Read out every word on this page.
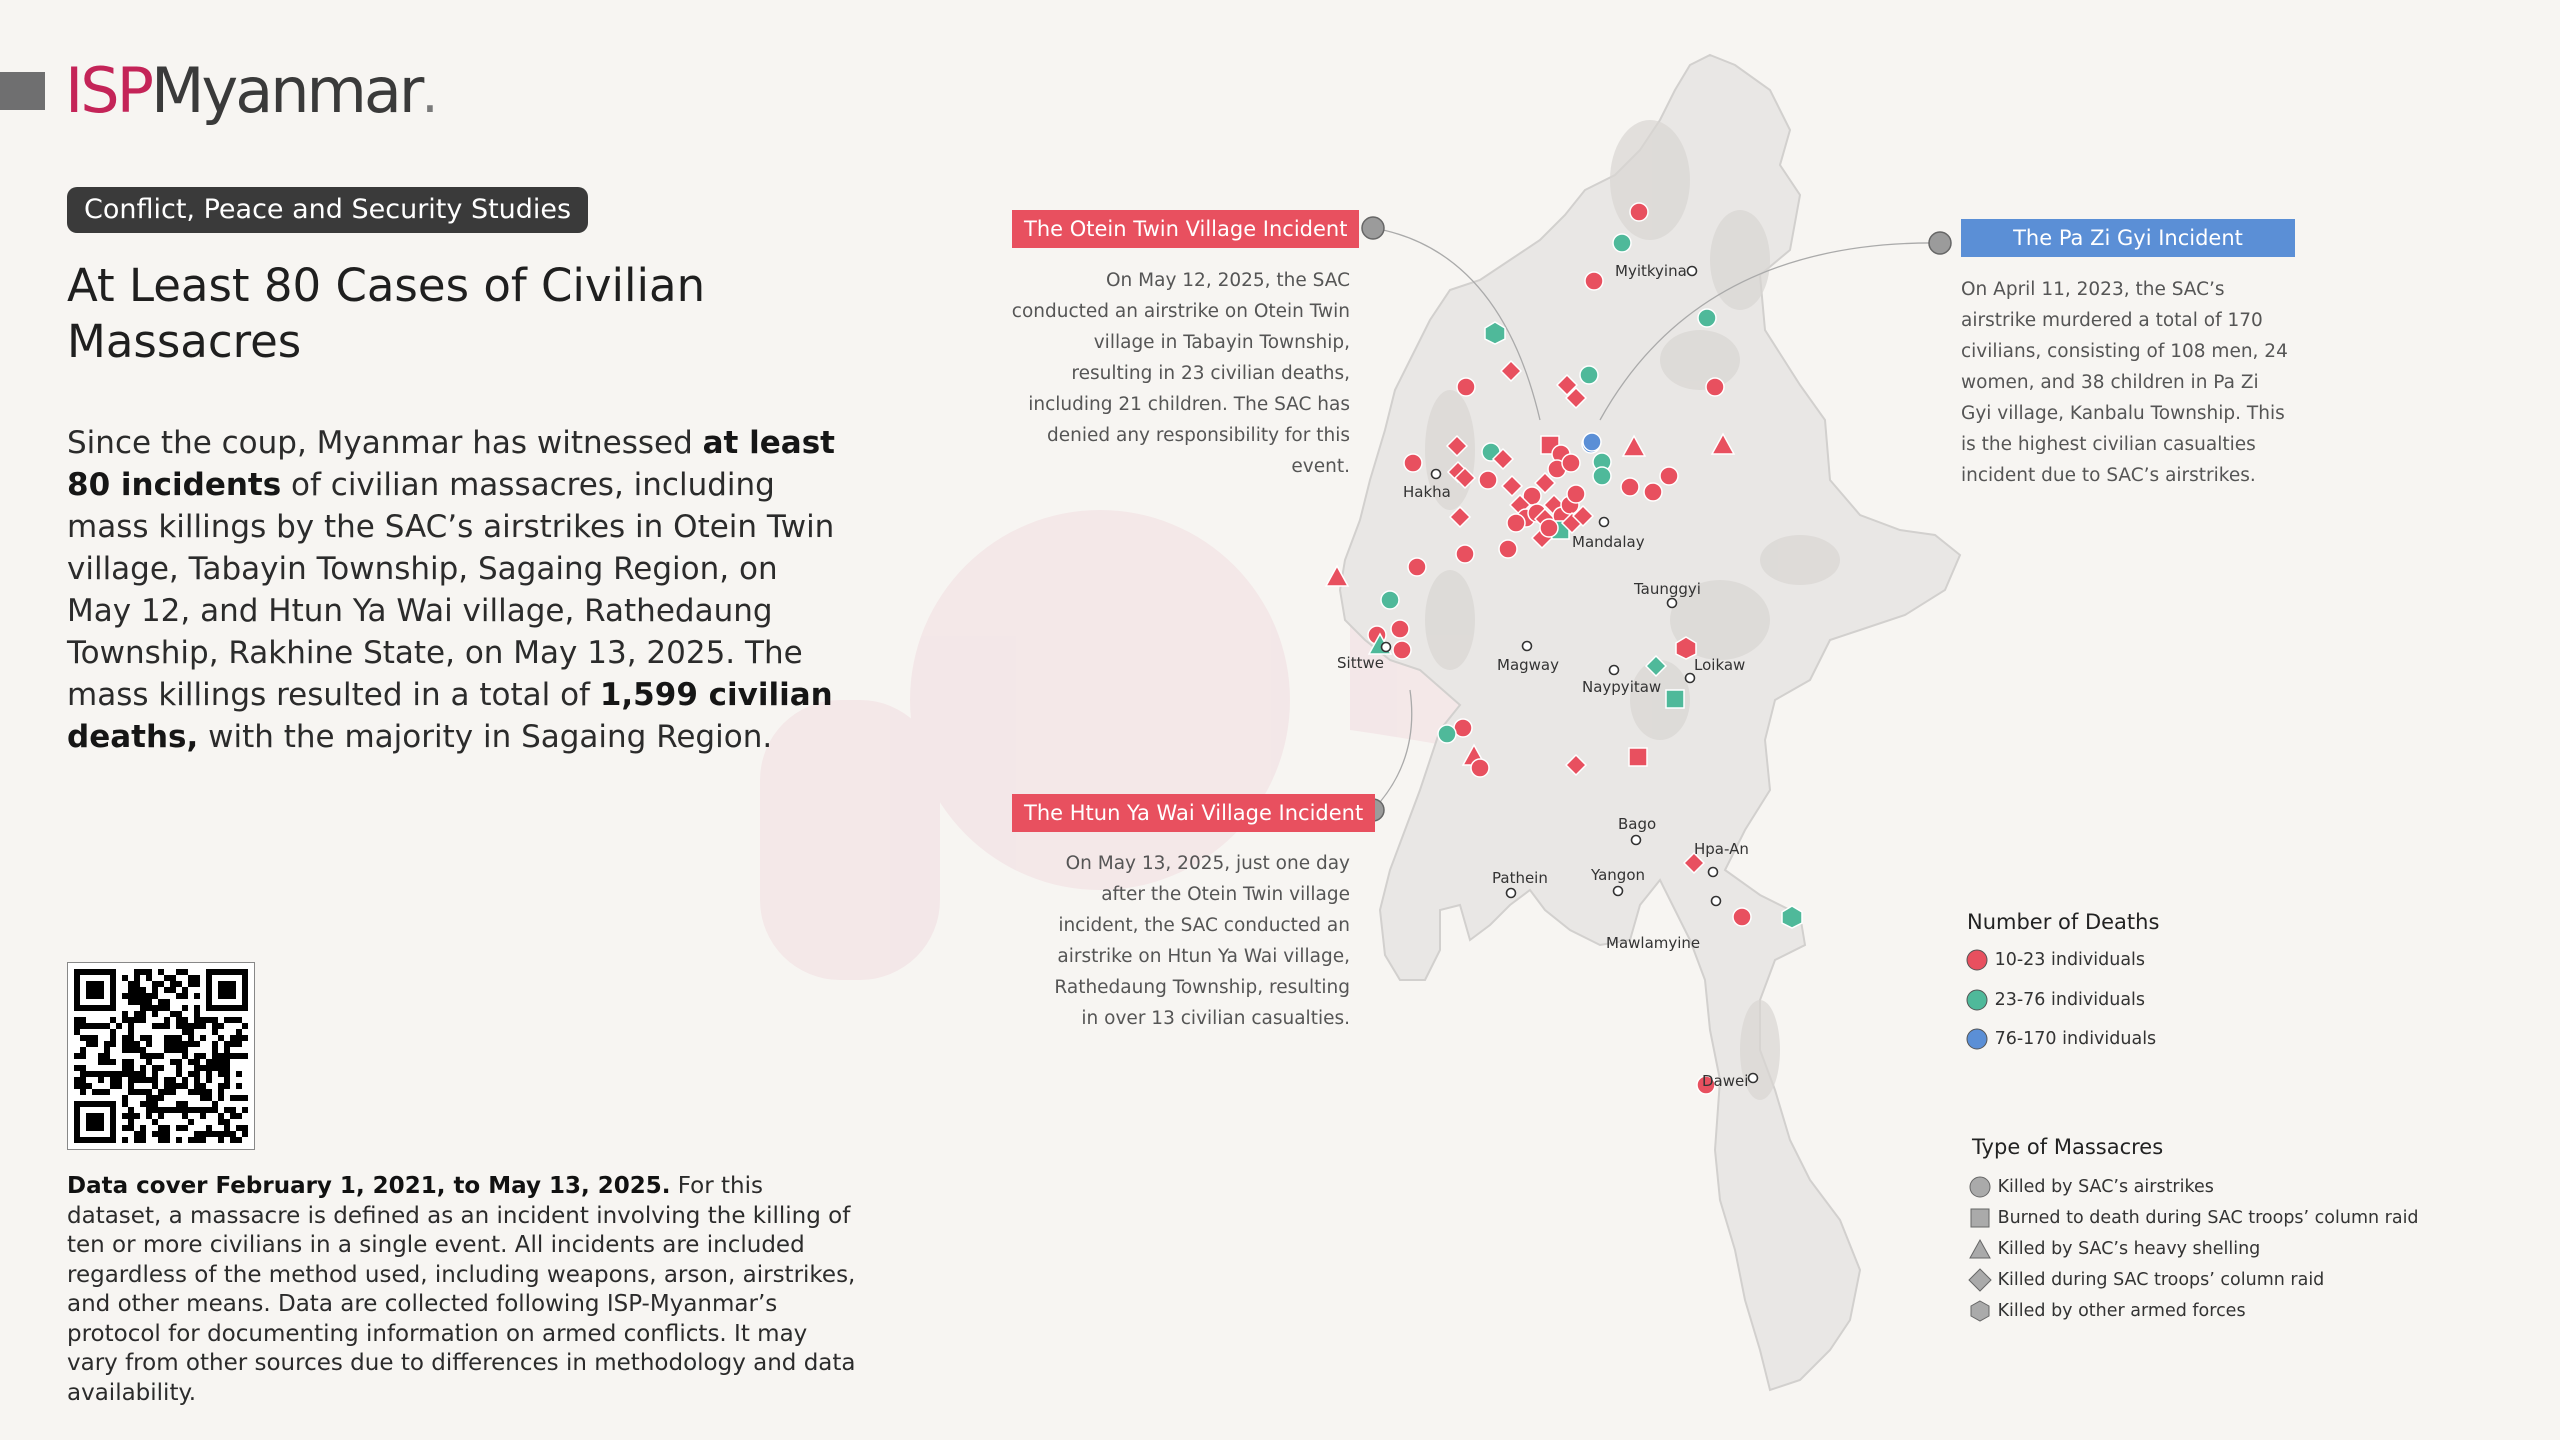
Myitkyina
Hakha
Mandalay
Taunggyi
Sittwe	Magway
Naypyitaw
Loikaw
Bago
Hpa-An
Pathein	Yangon
Mawlamyine
Dawei
ISPMyanmar.
Conflict, Peace and Security Studies
At Least 80 Cases of Civilian Massacres
Since the coup, Myanmar has witnessed at least 80 incidents of civilian massacres, including mass killings by the SAC’s airstrikes in Otein Twin village, Tabayin Township, Sagaing Region, on May 12, and Htun Ya Wai village, Rathedaung Township, Rakhine State, on May 13, 2025. The mass killings resulted in a total of 1,599 civilian deaths, with the majority in Sagaing Region.
Data cover February 1, 2021, to May 13, 2025. For this dataset, a massacre is defined as an incident involving the killing of ten or more civilians in a single event. All incidents are included regardless of the method used, including weapons, arson, airstrikes, and other means. Data are collected following ISP-Myanmar’s protocol for documenting information on armed conflicts. It may vary from other sources due to differences in methodology and data availability.
The Otein Twin Village Incident
On May 12, 2025, the SAC conducted an airstrike on Otein Twin village in Tabayin Township, resulting in 23 civilian deaths, including 21 children. The SAC has denied any responsibility for this event.
The Htun Ya Wai Village Incident
On May 13, 2025, just one day after the Otein Twin village incident, the SAC conducted an airstrike on Htun Ya Wai village, Rathedaung Township, resulting in over 13 civilian casualties.
The Pa Zi Gyi Incident
On April 11, 2023, the SAC’s airstrike murdered a total of 170 civilians, consisting of 108 men, 24 women, and 38 children in Pa Zi Gyi village, Kanbalu Township. This is the highest civilian casualties incident due to SAC’s airstrikes.
Number of Deaths
10-23 individuals
23-76 individuals
76-170 individuals
Type of Massacres
Killed by SAC’s airstrikes
Burned to death during SAC troops’ column raid
Killed by SAC’s heavy shelling
Killed during SAC troops’ column raid
Killed by other armed forces
